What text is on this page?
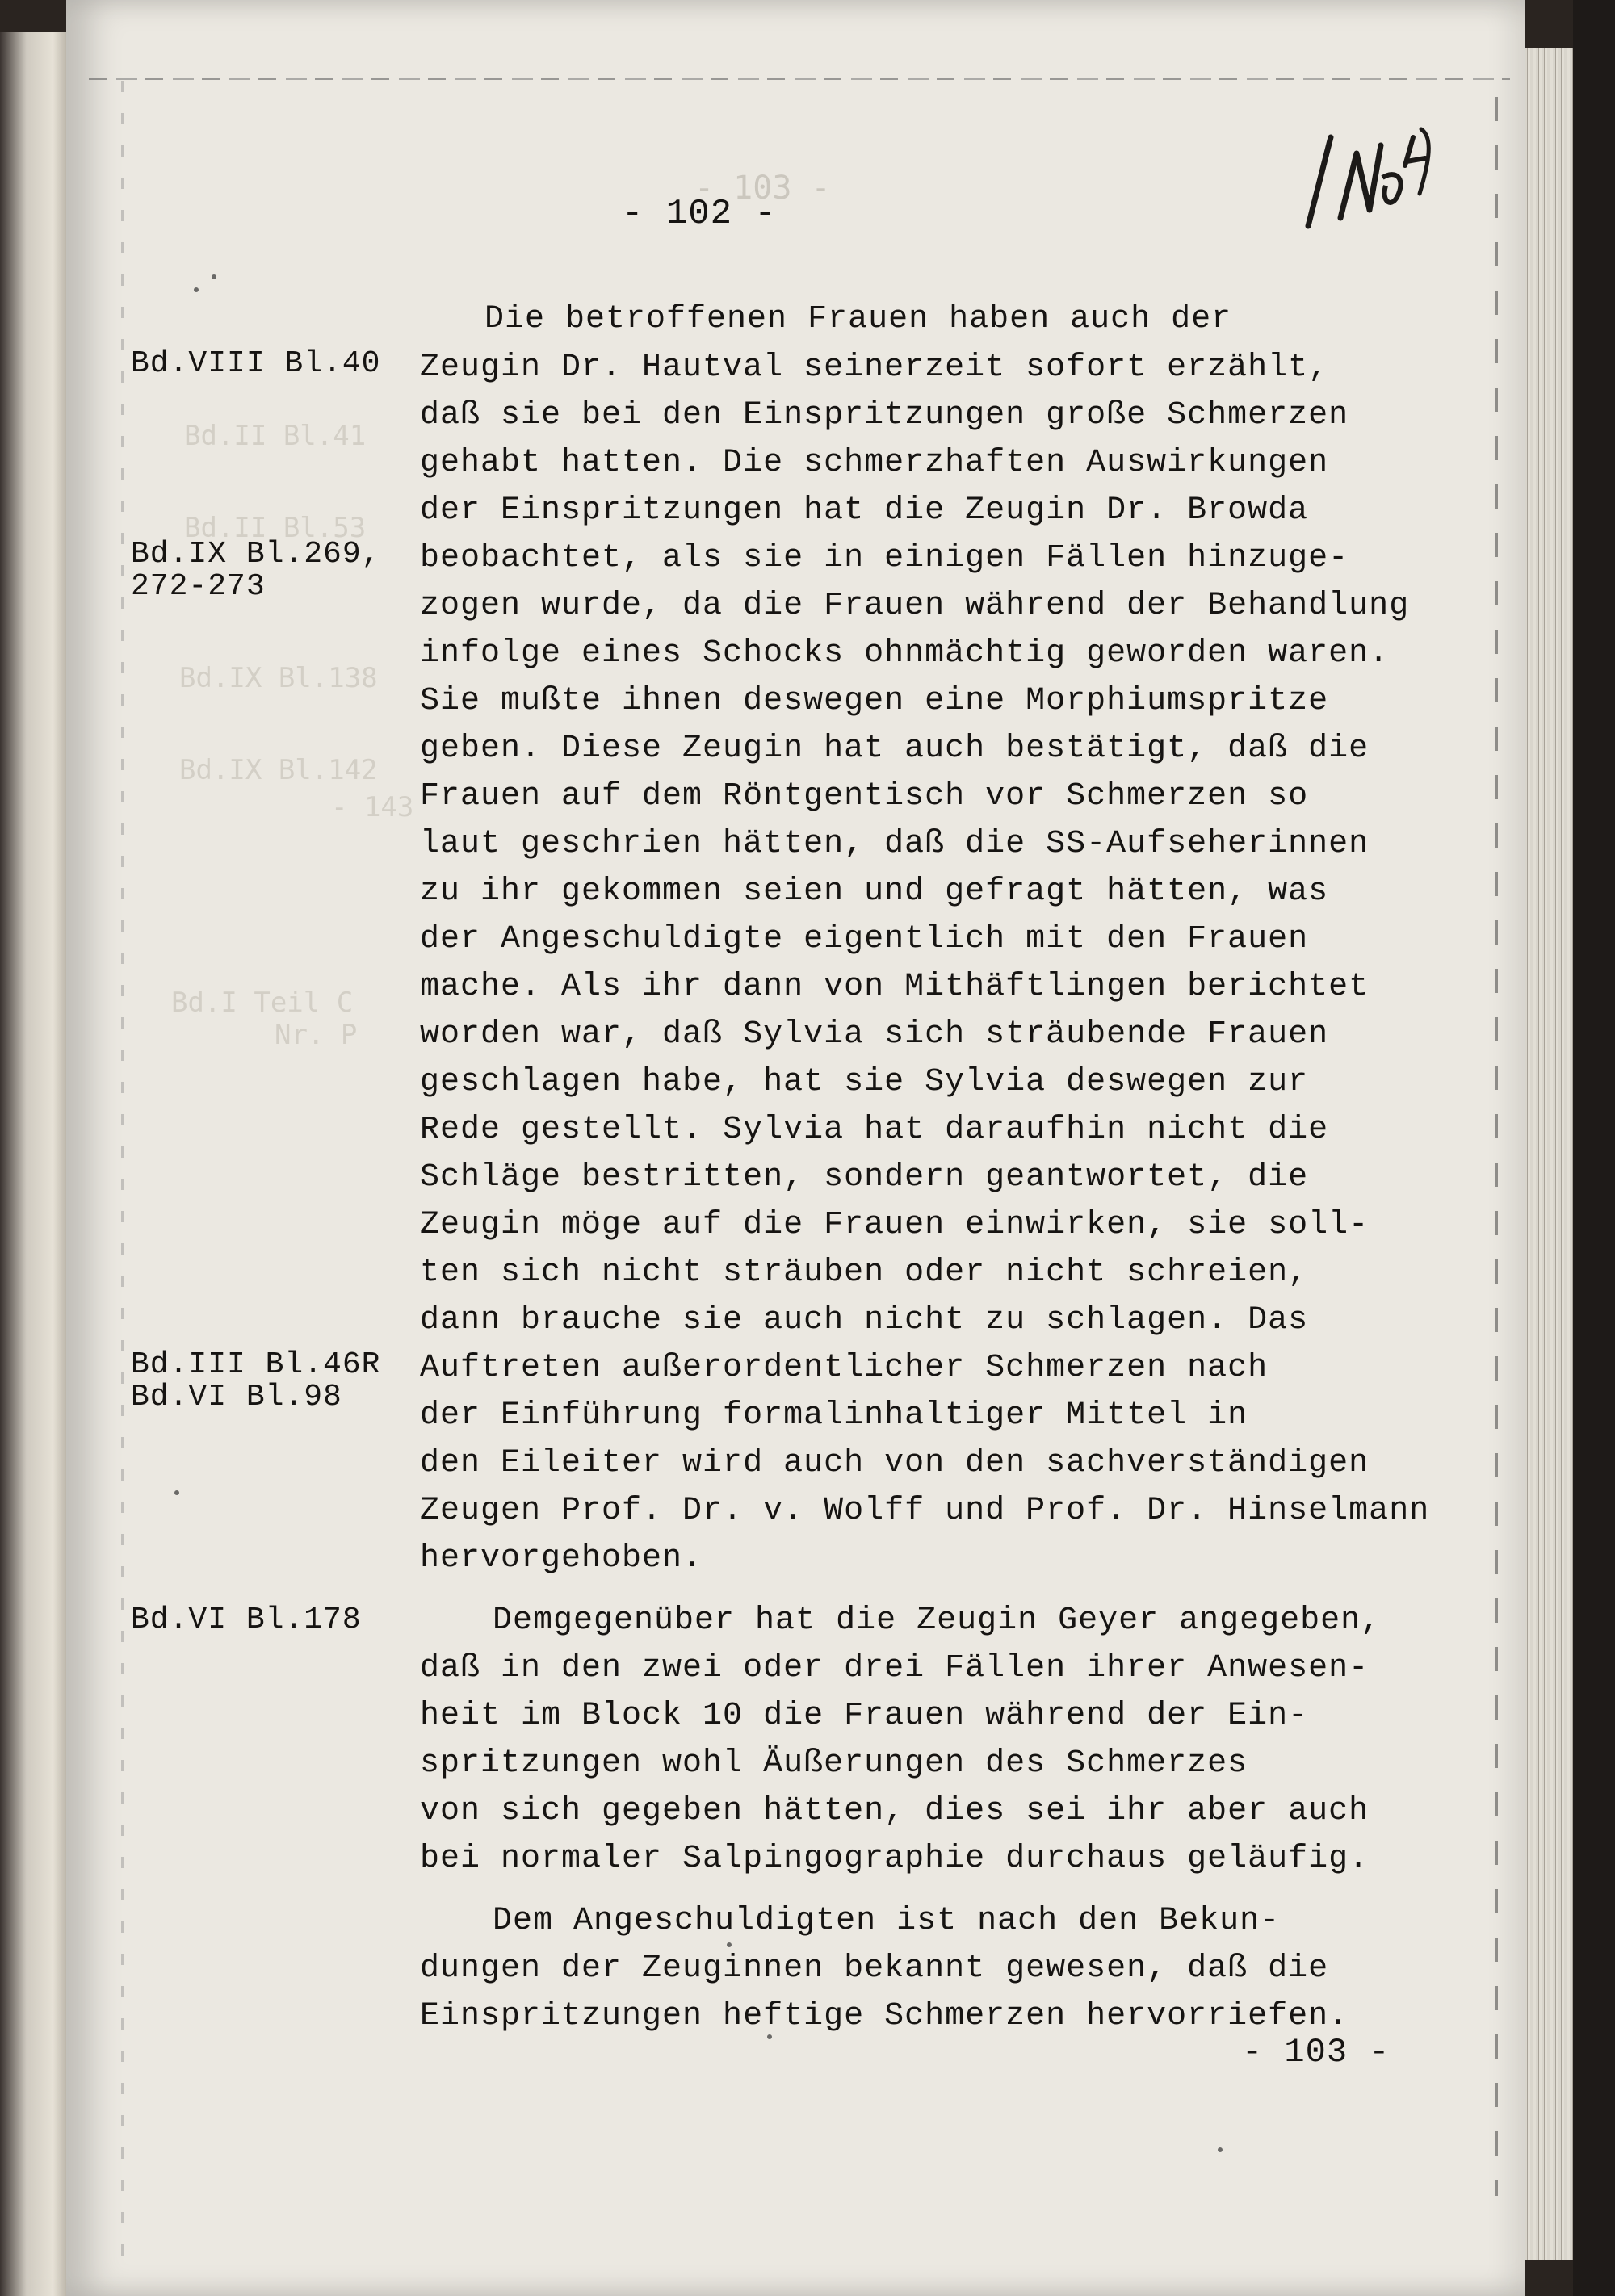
- 103 -
Bd.II Bl.41
Bd.II Bl.53
Bd.IX Bl.138
Bd.IX Bl.142
- 143
Bd.I Teil C
Nr. P
- 102 -
Bd.VIII Bl.40
Bd.IX Bl.269,
272-273
Bd.III Bl.46R
Bd.VI Bl.98
Bd.VI Bl.178
Die betroffenen Frauen haben auch der
Zeugin Dr. Hautval seinerzeit sofort erzählt,
daß sie bei den Einspritzungen große Schmerzen
gehabt hatten. Die schmerzhaften Auswirkungen
der Einspritzungen hat die Zeugin Dr. Browda
beobachtet, als sie in einigen Fällen hinzuge-
zogen wurde, da die Frauen während der Behandlung
infolge eines Schocks ohnmächtig geworden waren.
Sie mußte ihnen deswegen eine Morphiumspritze
geben. Diese Zeugin hat auch bestätigt, daß die
Frauen auf dem Röntgentisch vor Schmerzen so
laut geschrien hätten, daß die SS-Aufseherinnen
zu ihr gekommen seien und gefragt hätten, was
der Angeschuldigte eigentlich mit den Frauen
mache. Als ihr dann von Mithäftlingen berichtet
worden war, daß Sylvia sich sträubende Frauen
geschlagen habe, hat sie Sylvia deswegen zur
Rede gestellt. Sylvia hat daraufhin nicht die
Schläge bestritten, sondern geantwortet, die
Zeugin möge auf die Frauen einwirken, sie soll-
ten sich nicht sträuben oder nicht schreien,
dann brauche sie auch nicht zu schlagen. Das
Auftreten außerordentlicher Schmerzen nach
der Einführung formalinhaltiger Mittel in
den Eileiter wird auch von den sachverständigen
Zeugen Prof. Dr. v. Wolff und Prof. Dr. Hinselmann
hervorgehoben.
Demgegenüber hat die Zeugin Geyer angegeben,
daß in den zwei oder drei Fällen ihrer Anwesen-
heit im Block 10 die Frauen während der Ein-
spritzungen wohl Äußerungen des Schmerzes
von sich gegeben hätten, dies sei ihr aber auch
bei normaler Salpingographie durchaus geläufig.
Dem Angeschuldigten ist nach den Bekun-
dungen der Zeuginnen bekannt gewesen, daß die
Einspritzungen heftige Schmerzen hervorriefen.
- 103 -
